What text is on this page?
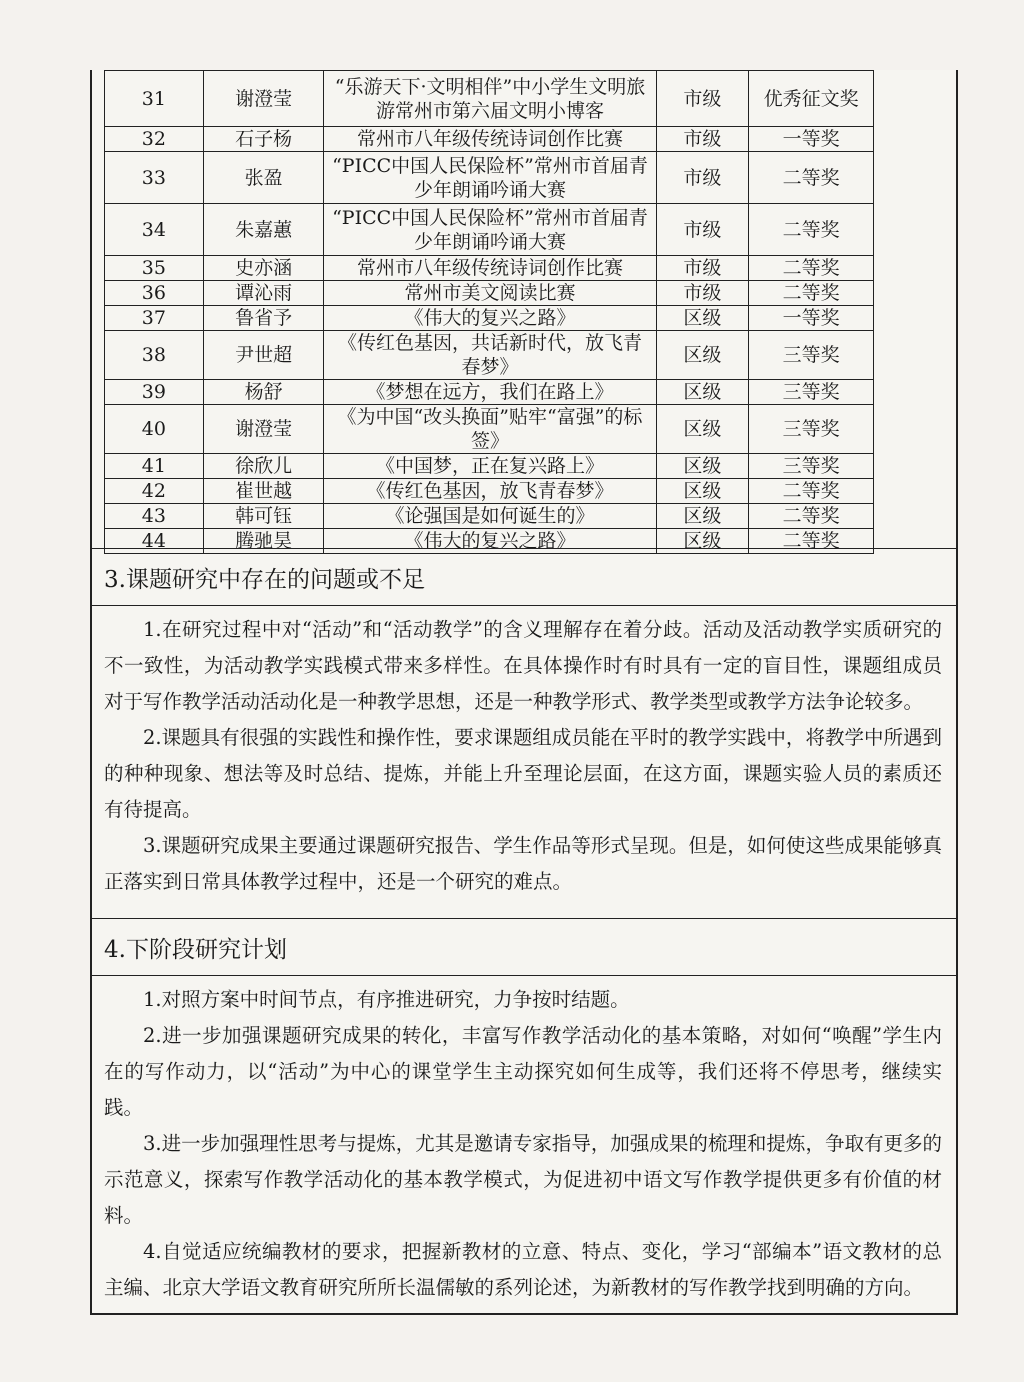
31	谢澄莹	“乐游天下·文明相伴”中小学生文明旅游常州市第六届文明小博客	市级	优秀征文奖
32	石子杨	常州市八年级传统诗词创作比赛	市级	一等奖
33	张盈	“PICC中国人民保险杯”常州市首届青少年朗诵吟诵大赛	市级	二等奖
34	朱嘉蕙	“PICC中国人民保险杯”常州市首届青少年朗诵吟诵大赛	市级	二等奖
35	史亦涵	常州市八年级传统诗词创作比赛	市级	二等奖
36	谭沁雨	常州市美文阅读比赛	市级	二等奖
37	鲁省予	《伟大的复兴之路》	区级	一等奖
38	尹世超	《传红色基因，共话新时代，放飞青春梦》	区级	三等奖
39	杨舒	《梦想在远方，我们在路上》	区级	三等奖
40	谢澄莹	《为中国“改头换面”贴牢“富强”的标签》	区级	三等奖
41	徐欣儿	《中国梦，正在复兴路上》	区级	三等奖
42	崔世越	《传红色基因，放飞青春梦》	区级	二等奖
43	韩可钰	《论强国是如何诞生的》	区级	二等奖
44	腾驰昊	《伟大的复兴之路》	区级	二等奖
3.课题研究中存在的问题或不足

1.在研究过程中对“活动”和“活动教学”的含义理解存在着分歧。活动及活动教学实质研究的不一致性，为活动教学实践模式带来多样性。在具体操作时有时具有一定的盲目性，课题组成员对于写作教学活动活动化是一种教学思想，还是一种教学形式、教学类型或教学方法争论较多。

2.课题具有很强的实践性和操作性，要求课题组成员能在平时的教学实践中，将教学中所遇到的种种现象、想法等及时总结、提炼，并能上升至理论层面，在这方面，课题实验人员的素质还有待提高。

3.课题研究成果主要通过课题研究报告、学生作品等形式呈现。但是，如何使这些成果能够真正落实到日常具体教学过程中，还是一个研究的难点。

4.下阶段研究计划

1.对照方案中时间节点，有序推进研究，力争按时结题。

2.进一步加强课题研究成果的转化，丰富写作教学活动化的基本策略，对如何“唤醒”学生内在的写作动力，以“活动”为中心的课堂学生主动探究如何生成等，我们还将不停思考，继续实践。

3.进一步加强理性思考与提炼，尤其是邀请专家指导，加强成果的梳理和提炼，争取有更多的示范意义，探索写作教学活动化的基本教学模式，为促进初中语文写作教学提供更多有价值的材料。

4.自觉适应统编教材的要求，把握新教材的立意、特点、变化，学习“部编本”语文教材的总主编、北京大学语文教育研究所所长温儒敏的系列论述，为新教材的写作教学找到明确的方向。
